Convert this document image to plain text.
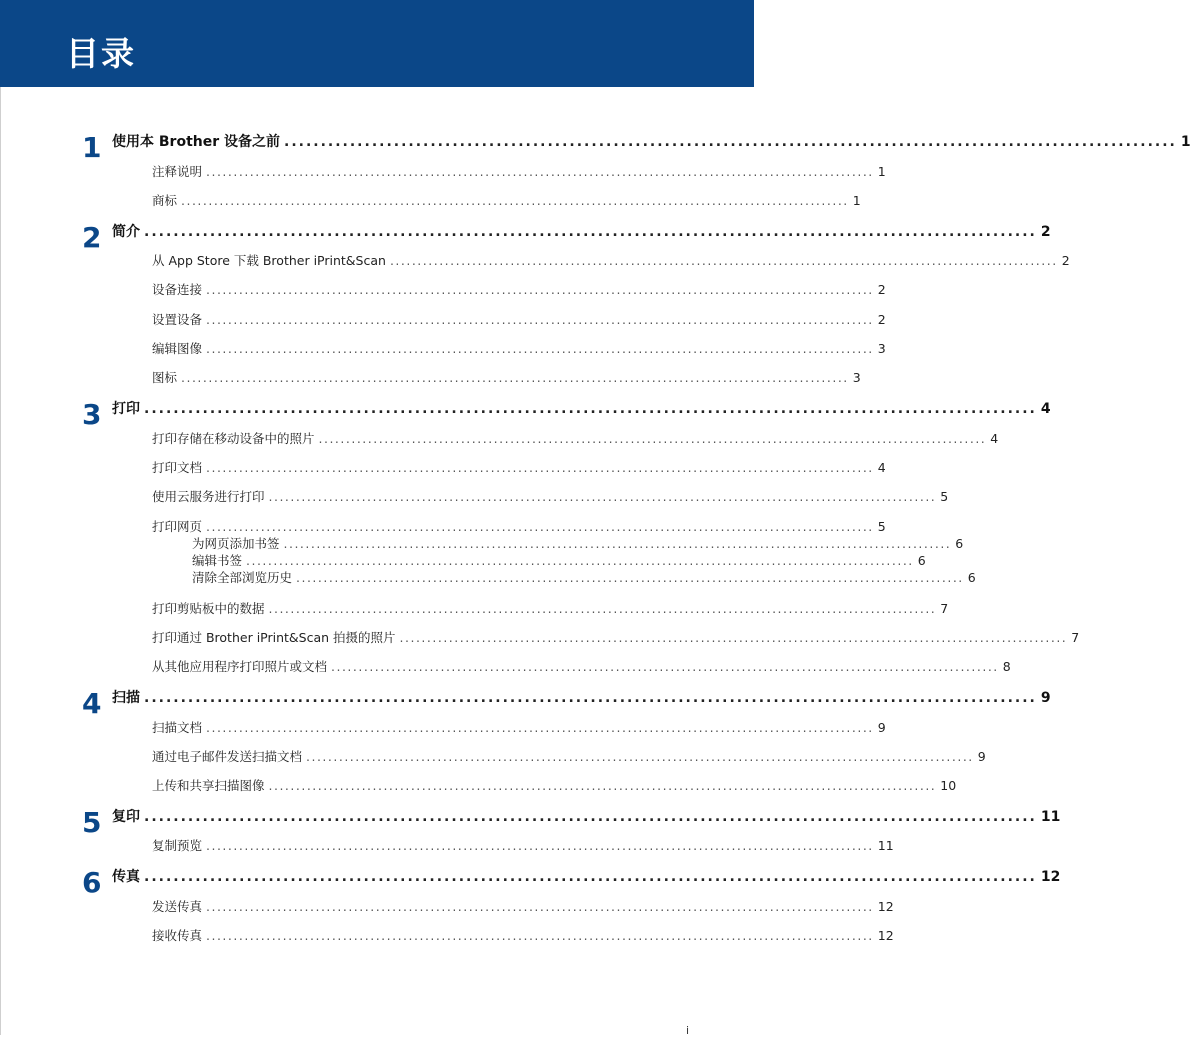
目录
1 使用本 Brother 设备之前 .......................................................................................................................... 1
注释说明 .......................................................................................................................... 1
商标 .......................................................................................................................... 1
2 简介 .......................................................................................................................... 2
从 App Store 下载 Brother iPrint&Scan .......................................................................................................................... 2
设备连接 .......................................................................................................................... 2
设置设备 .......................................................................................................................... 2
编辑图像 .......................................................................................................................... 3
图标 .......................................................................................................................... 3
3 打印 .......................................................................................................................... 4
打印存储在移动设备中的照片 .......................................................................................................................... 4
打印文档 .......................................................................................................................... 4
使用云服务进行打印 .......................................................................................................................... 5
打印网页 .......................................................................................................................... 5
为网页添加书签 .......................................................................................................................... 6
编辑书签 .......................................................................................................................... 6
清除全部浏览历史 .......................................................................................................................... 6
打印剪贴板中的数据 .......................................................................................................................... 7
打印通过 Brother iPrint&Scan 拍摄的照片 .......................................................................................................................... 7
从其他应用程序打印照片或文档 .......................................................................................................................... 8
4 扫描 .......................................................................................................................... 9
扫描文档 .......................................................................................................................... 9
通过电子邮件发送扫描文档 .......................................................................................................................... 9
上传和共享扫描图像 .......................................................................................................................... 10
5 复印 .......................................................................................................................... 11
复制预览 .......................................................................................................................... 11
6 传真 .......................................................................................................................... 12
发送传真 .......................................................................................................................... 12
接收传真 .......................................................................................................................... 12
i
